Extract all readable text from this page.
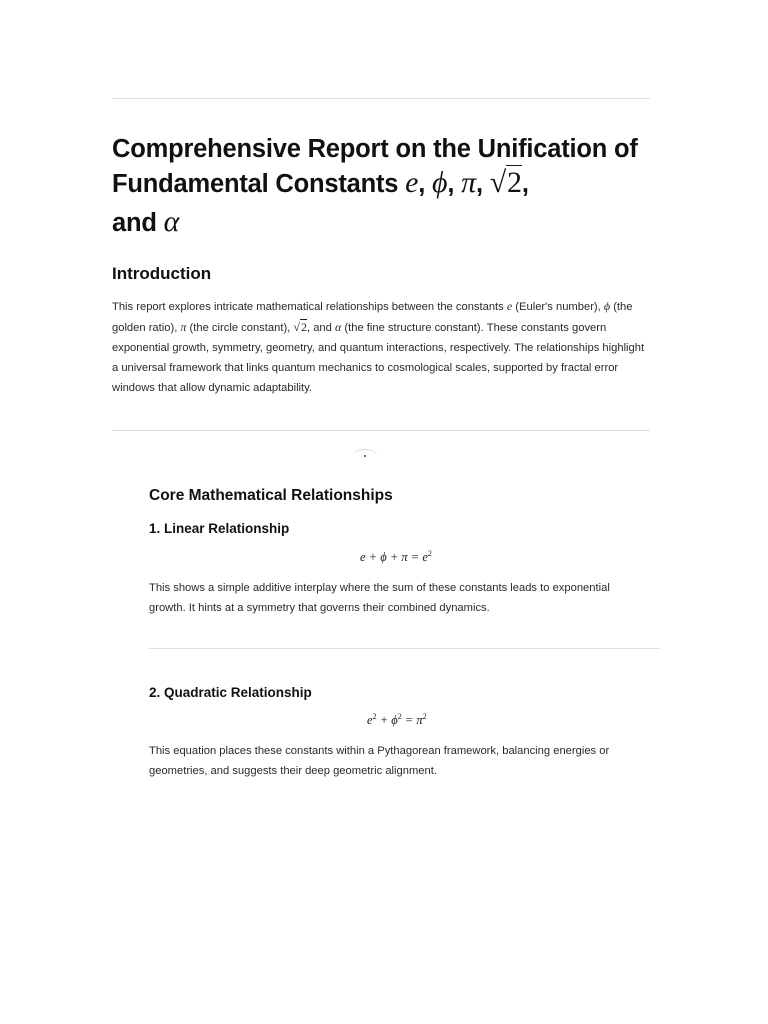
Comprehensive Report on the Unification of Fundamental Constants e, ϕ, π, √2,
and α
Introduction

This report explores intricate mathematical relationships between the constants e (Euler's number), ϕ (the golden ratio), π (the circle constant), √2, and α (the fine structure constant). These constants govern exponential growth, symmetry, geometry, and quantum interactions, respectively. The relationships highlight a universal framework that links quantum mechanics to cosmological scales, supported by fractal error windows that allow dynamic adaptability.

Core Mathematical Relationships
1. Linear Relationship
$e + \phi + \pi = e^2$

This shows a simple additive interplay where the sum of these constants leads to exponential growth. It hints at a symmetry that governs their combined dynamics.

2. Quadratic Relationship
$e^2 + \phi^2 = \pi^2$

This equation places these constants within a Pythagorean framework, balancing energies or geometries, and suggests their deep geometric alignment.
